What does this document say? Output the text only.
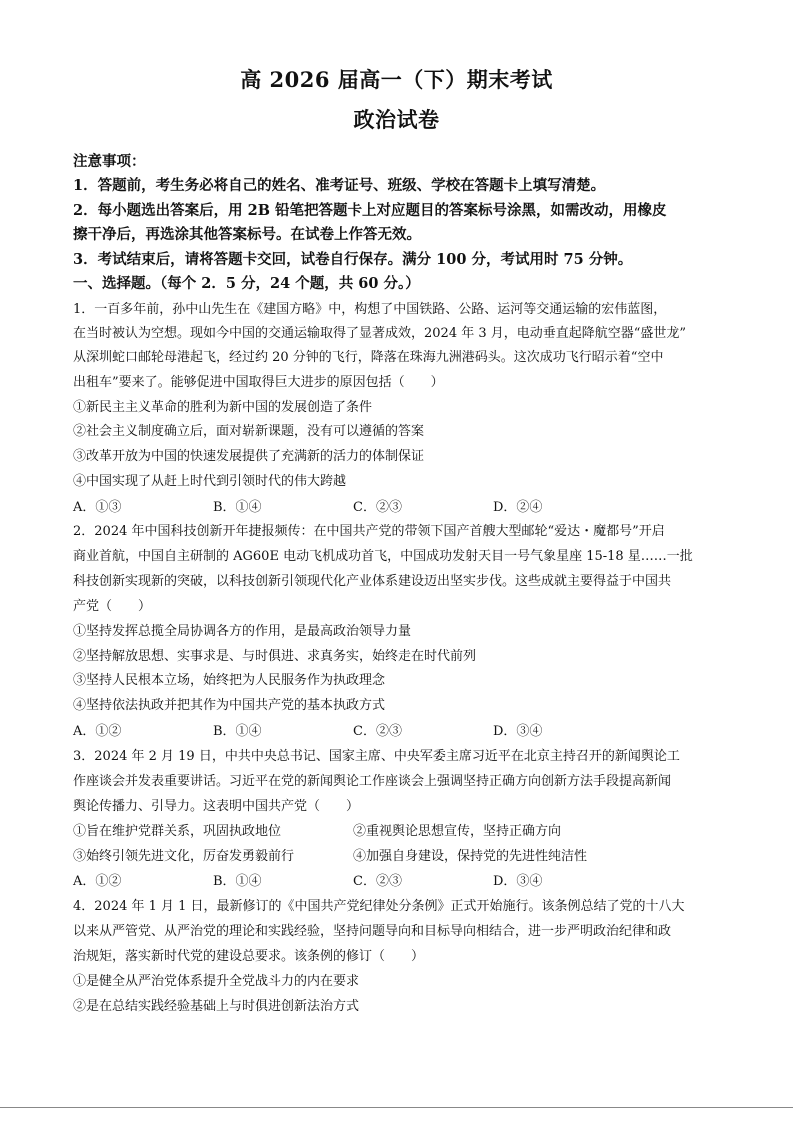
高 2026 届高一（下）期末考试
政治试卷
注意事项：
1．答题前，考生务必将自己的姓名、准考证号、班级、学校在答题卡上填写清楚。
2．每小题选出答案后，用 2B 铅笔把答题卡上对应题目的答案标号涂黑，如需改动，用橡皮
擦干净后，再选涂其他答案标号。在试卷上作答无效。
3．考试结束后，请将答题卡交回，试卷自行保存。满分 100 分，考试用时 75 分钟。
一、选择题。（每个 2．5 分，24 个题，共 60 分。）
1．一百多年前，孙中山先生在《建国方略》中，构想了中国铁路、公路、运河等交通运输的宏伟蓝图，
在当时被认为空想。现如今中国的交通运输取得了显著成效，2024 年 3 月，电动垂直起降航空器“盛世龙”
从深圳蛇口邮轮母港起飞，经过约 20 分钟的飞行，降落在珠海九洲港码头。这次成功飞行昭示着“空中
出租车”要来了。能够促进中国取得巨大进步的原因包括（　　）
①新民主主义革命的胜利为新中国的发展创造了条件
②社会主义制度确立后，面对崭新课题，没有可以遵循的答案
③改革开放为中国的快速发展提供了充满新的活力的体制保证
④中国实现了从赶上时代到引领时代的伟大跨越
A．①③	B．①④	C．②③	D．②④
2．2024 年中国科技创新开年捷报频传：在中国共产党的带领下国产首艘大型邮轮“爱达・魔都号”开启
商业首航，中国自主研制的 AG60E 电动飞机成功首飞，中国成功发射天目一号气象星座 15-18 星……一批
科技创新实现新的突破，以科技创新引领现代化产业体系建设迈出坚实步伐。这些成就主要得益于中国共
产党（　　）
①坚持发挥总揽全局协调各方的作用，是最高政治领导力量
②坚持解放思想、实事求是、与时俱进、求真务实，始终走在时代前列
③坚持人民根本立场，始终把为人民服务作为执政理念
④坚持依法执政并把其作为中国共产党的基本执政方式
A．①②	B．①④	C．②③	D．③④
3．2024 年 2 月 19 日，中共中央总书记、国家主席、中央军委主席习近平在北京主持召开的新闻舆论工
作座谈会并发表重要讲话。习近平在党的新闻舆论工作座谈会上强调坚持正确方向创新方法手段提高新闻
舆论传播力、引导力。这表明中国共产党（　　）
①旨在维护党群关系，巩固执政地位	②重视舆论思想宣传，坚持正确方向
③始终引领先进文化，厉奋发勇毅前行	④加强自身建设，保持党的先进性纯洁性
A．①②	B．①④	C．②③	D．③④
4．2024 年 1 月 1 日，最新修订的《中国共产党纪律处分条例》正式开始施行。该条例总结了党的十八大
以来从严管党、从严治党的理论和实践经验，坚持问题导向和目标导向相结合，进一步严明政治纪律和政
治规矩，落实新时代党的建设总要求。该条例的修订（　　）
①是健全从严治党体系提升全党战斗力的内在要求
②是在总结实践经验基础上与时俱进创新法治方式
